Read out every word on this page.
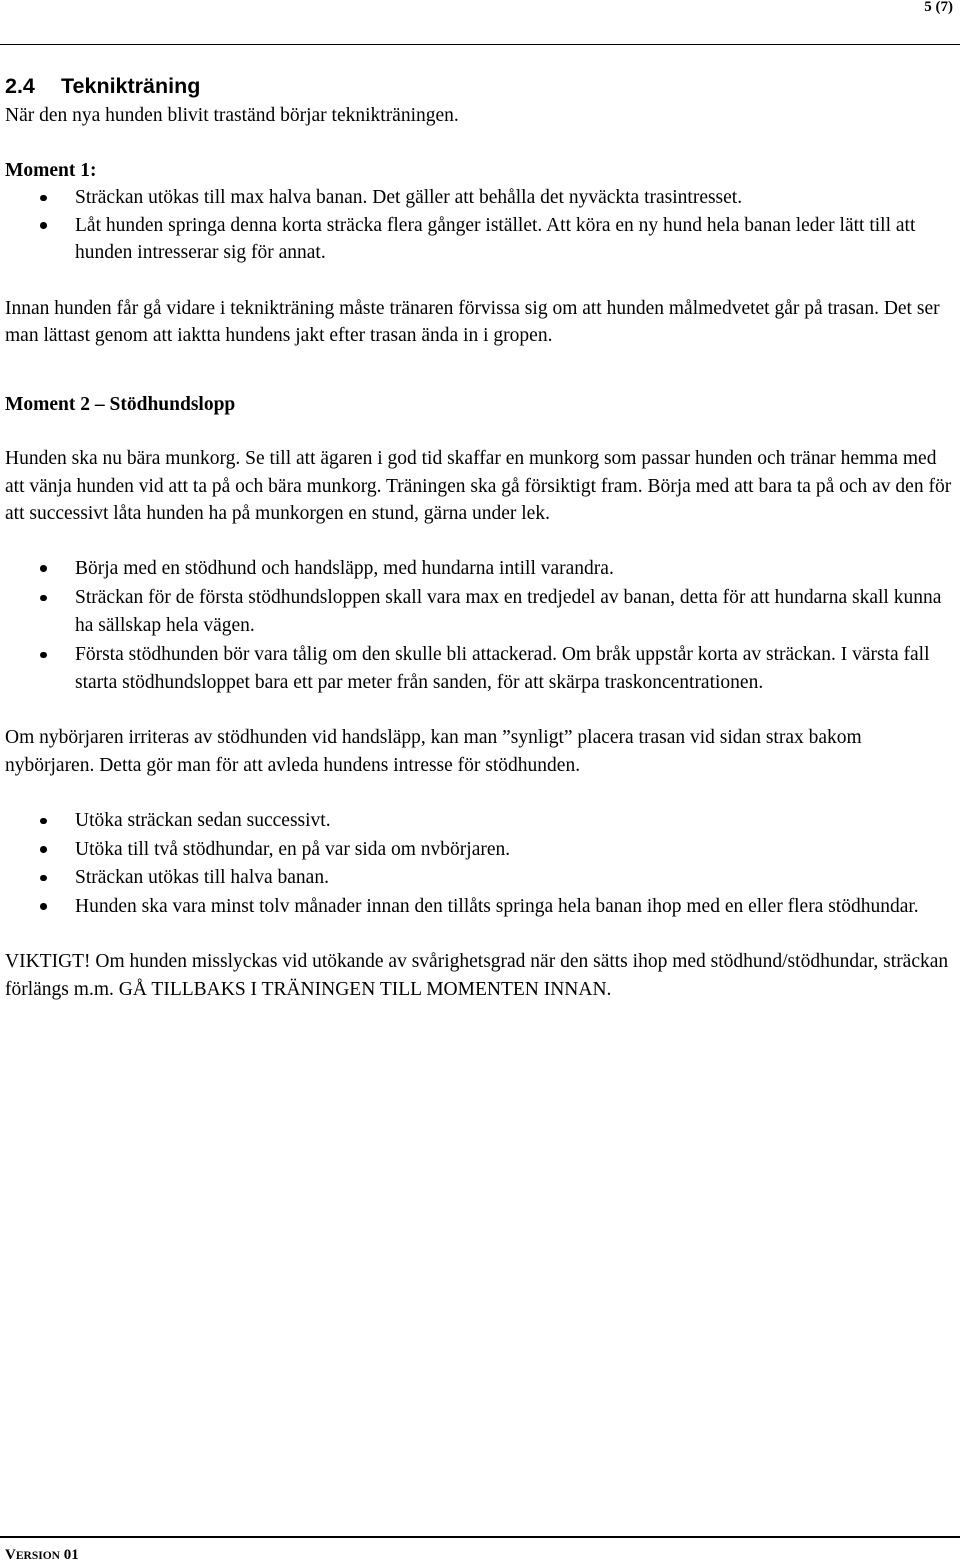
5 (7)
2.4 Teknikträning

När den nya hunden blivit traständ börjar teknikträningen.

Moment 1:

Sträckan utökas till max halva banan. Det gäller att behålla det nyväckta trasintresset.
Låt hunden springa denna korta sträcka flera gånger istället. Att köra en ny hund hela banan leder lätt till att hunden intresserar sig för annat.

Innan hunden får gå vidare i teknikträning måste tränaren förvissa sig om att hunden målmedvetet går på trasan. Det ser man lättast genom att iaktta hundens jakt efter trasan ända in i gropen.

Moment 2 – Stödhundslopp

Hunden ska nu bära munkorg. Se till att ägaren i god tid skaffar en munkorg som passar hunden och tränar hemma med att vänja hunden vid att ta på och bära munkorg. Träningen ska gå försiktigt fram. Börja med att bara ta på och av den för att successivt låta hunden ha på munkorgen en stund, gärna under lek.

Börja med en stödhund och handsläpp, med hundarna intill varandra.
Sträckan för de första stödhundsloppen skall vara max en tredjedel av banan, detta för att hundarna skall kunna ha sällskap hela vägen.
Första stödhunden bör vara tålig om den skulle bli attackerad. Om bråk uppstår korta av sträckan. I värsta fall starta stödhundsloppet bara ett par meter från sanden, för att skärpa traskoncentrationen.

Om nybörjaren irriteras av stödhunden vid handsläpp, kan man ”synligt” placera trasan vid sidan strax bakom nybörjaren. Detta gör man för att avleda hundens intresse för stödhunden.

Utöka sträckan sedan successivt.
Utöka till två stödhundar, en på var sida om nvbörjaren.
Sträckan utökas till halva banan.
Hunden ska vara minst tolv månader innan den tillåts springa hela banan ihop med en eller flera stödhundar.

VIKTIGT! Om hunden misslyckas vid utökande av svårighetsgrad när den sätts ihop med stödhund/stödhundar, sträckan förlängs m.m. GÅ TILLBAKS I TRÄNINGEN TILL MOMENTEN INNAN.

VERSION 01
